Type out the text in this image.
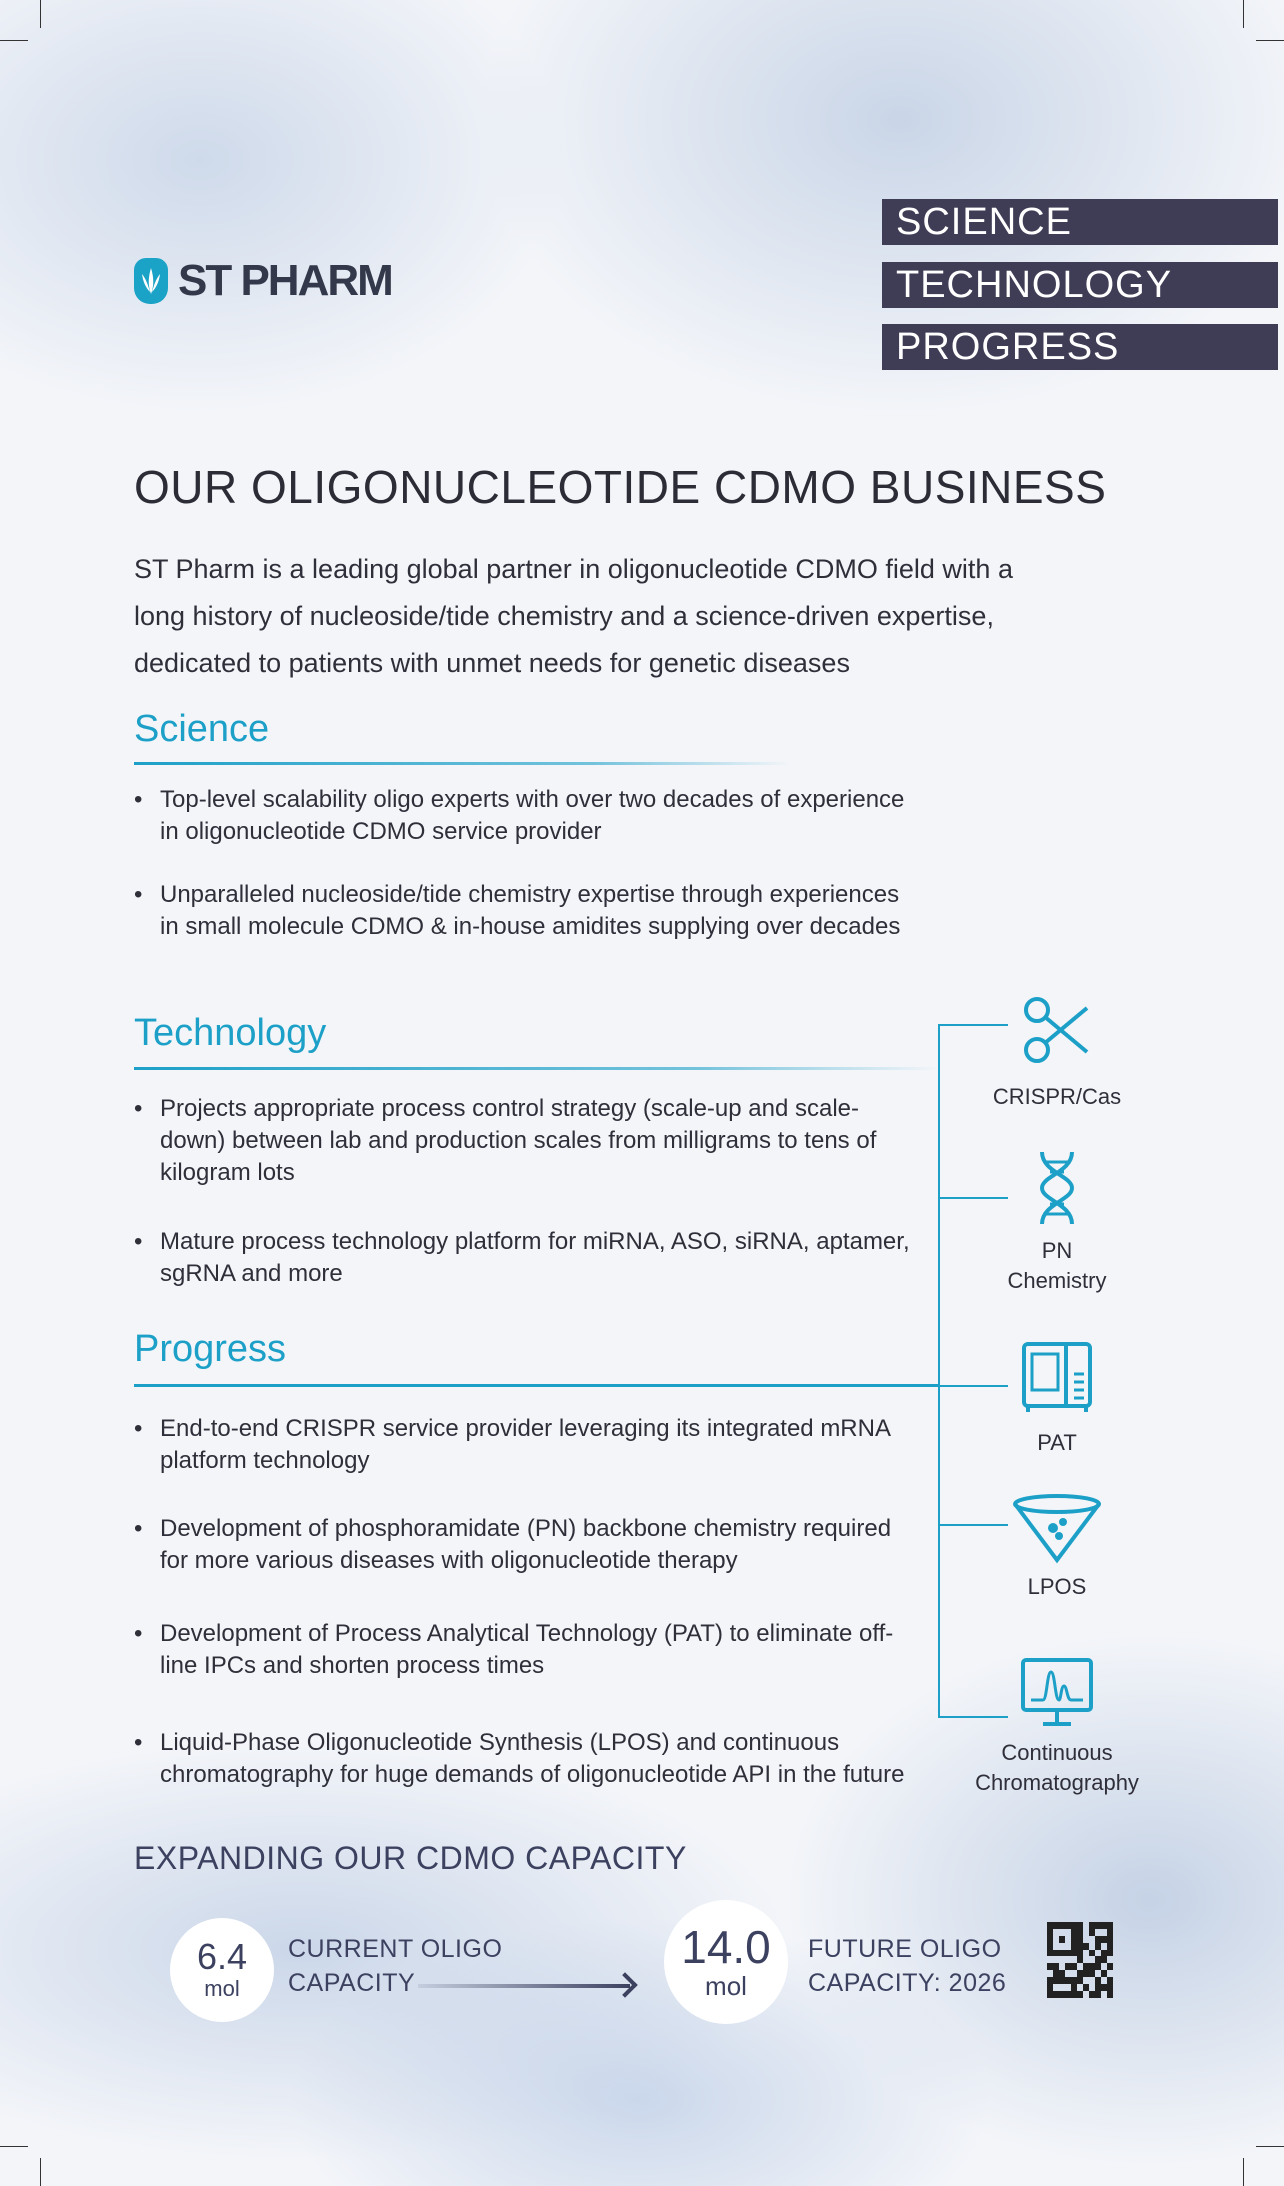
ST PHARM
SCIENCE
TECHNOLOGY
PROGRESS
OUR OLIGONUCLEOTIDE CDMO BUSINESS
ST Pharm is a leading global partner in oligonucleotide CDMO field with a long history of nucleoside/tide chemistry and a science-driven expertise, dedicated to patients with unmet needs for genetic diseases
Science
• Top-level scalability oligo experts with over two decades of experience in oligonucleotide CDMO service provider
• Unparalleled nucleoside/tide chemistry expertise through experiences in small molecule CDMO & in-house amidites supplying over decades
Technology
• Projects appropriate process control strategy (scale-up and scale-down) between lab and production scales from milligrams to tens of kilogram lots
• Mature process technology platform for miRNA, ASO, siRNA, aptamer, sgRNA and more
Progress
• End-to-end CRISPR service provider leveraging its integrated mRNA platform technology
• Development of phosphoramidate (PN) backbone chemistry required for more various diseases with oligonucleotide therapy
• Development of Process Analytical Technology (PAT) to eliminate off-line IPCs and shorten process times
• Liquid-Phase Oligonucleotide Synthesis (LPOS) and continuous chromatography for huge demands of oligonucleotide API in the future
CRISPR/Cas
PN
Chemistry
PAT
LPOS
Continuous
Chromatography
EXPANDING OUR CDMO CAPACITY
6.4
mol
CURRENT OLIGO
CAPACITY
14.0
mol
FUTURE OLIGO
CAPACITY: 2026
